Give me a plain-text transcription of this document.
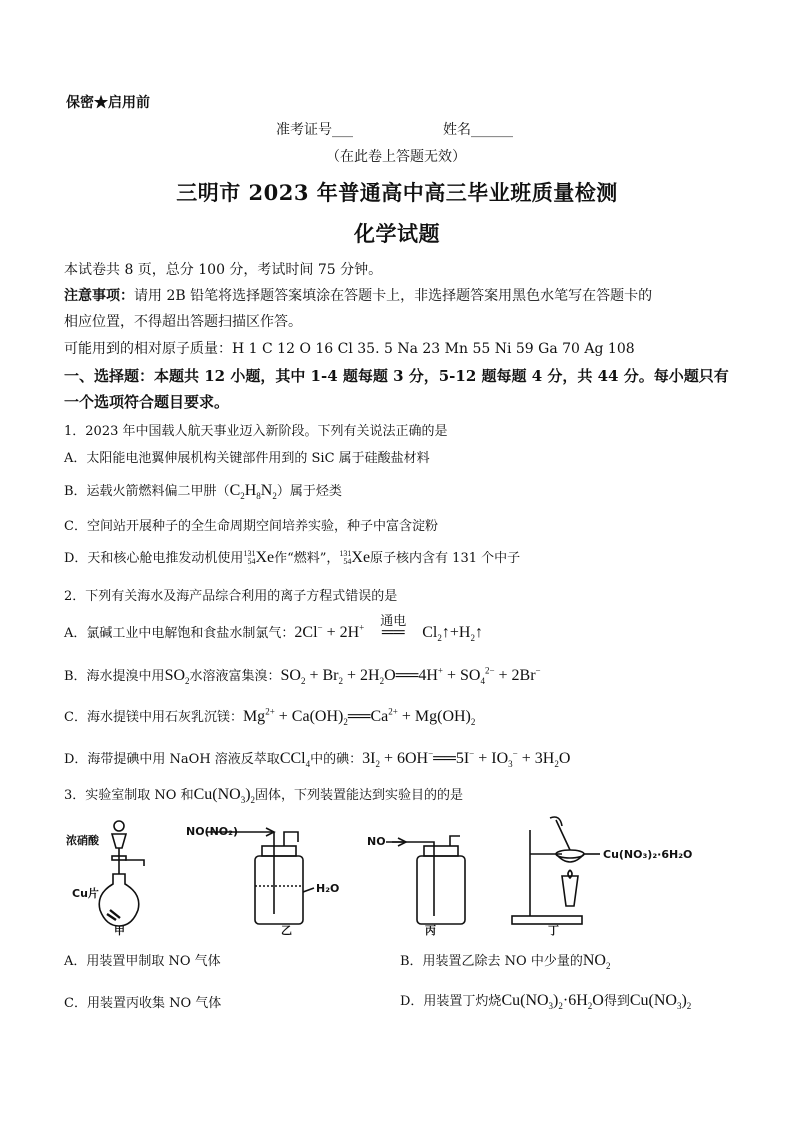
保密★启用前
准考证号___	姓名______
（在此卷上答题无效）
三明市 2023 年普通高中高三毕业班质量检测
化学试题
本试卷共 8 页，总分 100 分，考试时间 75 分钟。
注意事项：请用 2B 铅笔将选择题答案填涂在答题卡上，非选择题答案用黑色水笔写在答题卡的
相应位置，不得超出答题扫描区作答。
可能用到的相对原子质量：H 1 C 12 O 16 Cl 35. 5 Na 23 Mn 55 Ni 59 Ga 70 Ag 108
一、选择题：本题共 12 小题，其中 1-4 题每题 3 分，5-12 题每题 4 分，共 44 分。每小题只有
一个选项符合题目要求。
1．2023 年中国载人航天事业迈入新阶段。下列有关说法正确的是
A．太阳能电池翼伸展机构关键部件用到的 SiC 属于硅酸盐材料
B．运载火箭燃料偏二甲肼$(C_2H_8N_2)$属于烃类
C．空间站开展种子的全生命周期空间培养实验，种子中富含淀粉
D．天和核心舱电推发动机使用131
54Xe作“燃料”，131
54Xe原子核内含有 131 个中子
2．下列有关海水及海产品综合利用的离子方程式错误的是
A．氯碱工业中电解饱和食盐水制氯气：2Cl− + 2H+	通电
══ $Cl_2↑+H_2↑$
B．海水提溴中用$SO_2$水溶液富集溴：$SO_2 + Br_2$ + $2H_2O══4H^+ + SO_4^{2-} + 2Br^-$
C．海水提镁中用石灰乳沉镁：$Mg^{2+}$ + $Ca(OH)_2══Ca^{2+} + Mg(OH)_2$
D．海带提碘中用 NaOH 溶液反萃取CCl$_4$中的碘：$3I_2$ + 6OH−══5I− + $IO_3^- + 3H_2O$
3．实验室制取 NO 和$Cu(NO_3)_2$固体，下列装置能达到实验目的的是
浓硝酸
Cu片
甲
NO(NO₂)
H₂O
乙
NO
丙
Cu(NO₃)₂·6H₂O
丁
A．用装置甲制取 NO 气体	B．用装置乙除去 NO 中少量的$NO_2$
C．用装置丙收集 NO 气体	D．用装置丁灼烧$Cu(NO_3)_2\cdot 6H_2O$得到$Cu(NO_3)_2$
